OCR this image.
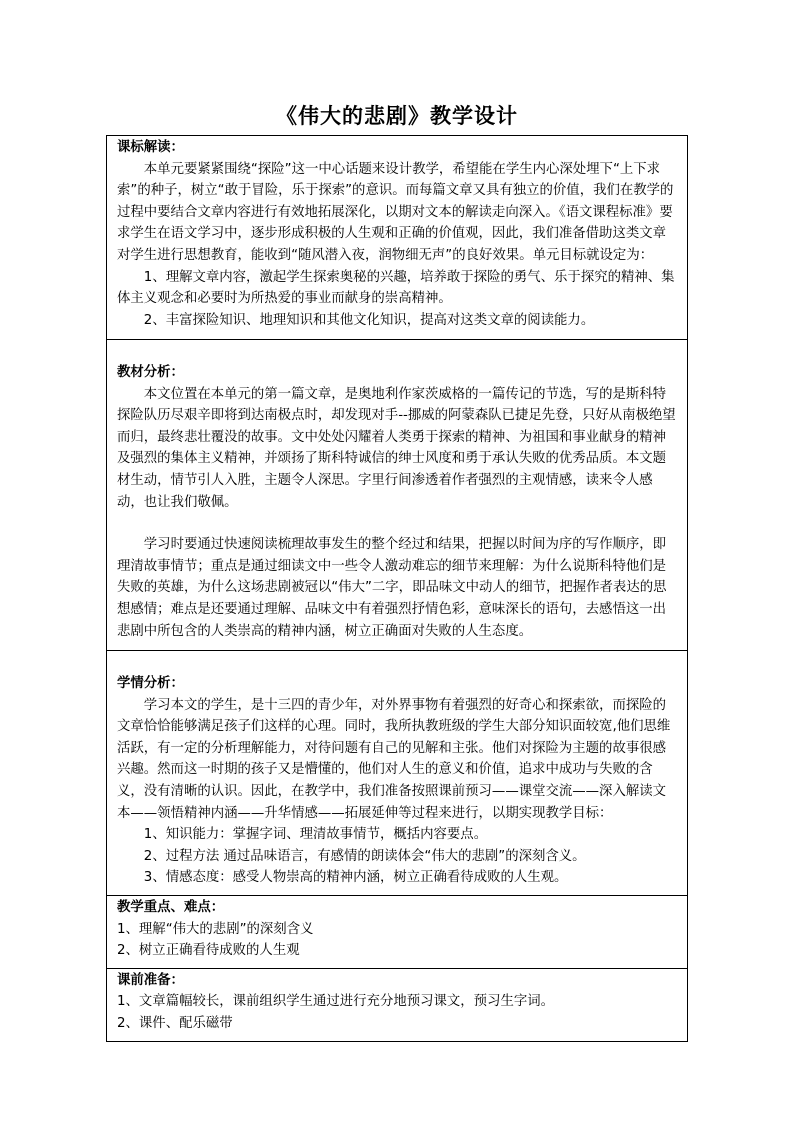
《伟大的悲剧》教学设计

课标解读：

本单元要紧紧围绕“探险”这一中心话题来设计教学，希望能在学生内心深处埋下“上下求索”的种子，树立“敢于冒险，乐于探索”的意识。而每篇文章又具有独立的价值，我们在教学的过程中要结合文章内容进行有效地拓展深化，以期对文本的解读走向深入。《语文课程标准》要求学生在语文学习中，逐步形成积极的人生观和正确的价值观，因此，我们准备借助这类文章对学生进行思想教育，能收到“随风潜入夜，润物细无声”的良好效果。单元目标就设定为：

1、理解文章内容，激起学生探索奥秘的兴趣，培养敢于探险的勇气、乐于探究的精神、集体主义观念和必要时为所热爱的事业而献身的崇高精神。

2、丰富探险知识、地理知识和其他文化知识，提高对这类文章的阅读能力。

教材分析：

本文位置在本单元的第一篇文章，是奥地利作家茨威格的一篇传记的节选，写的是斯科特探险队历尽艰辛即将到达南极点时，却发现对手--挪威的阿蒙森队已捷足先登，只好从南极绝望而归，最终悲壮覆没的故事。文中处处闪耀着人类勇于探索的精神、为祖国和事业献身的精神及强烈的集体主义精神，并颂扬了斯科特诚信的绅士风度和勇于承认失败的优秀品质。本文题材生动，情节引人入胜，主题令人深思。字里行间渗透着作者强烈的主观情感，读来令人感动，也让我们敬佩。

学习时要通过快速阅读梳理故事发生的整个经过和结果，把握以时间为序的写作顺序，即理清故事情节；重点是通过细读文中一些令人激动难忘的细节来理解：为什么说斯科特他们是失败的英雄，为什么这场悲剧被冠以“伟大”二字，即品味文中动人的细节，把握作者表达的思想感情；难点是还要通过理解、品味文中有着强烈抒情色彩，意味深长的语句，去感悟这一出悲剧中所包含的人类崇高的精神内涵，树立正确面对失败的人生态度。

学情分析：

学习本文的学生，是十三四的青少年，对外界事物有着强烈的好奇心和探索欲，而探险的文章恰恰能够满足孩子们这样的心理。同时，我所执教班级的学生大部分知识面较宽,他们思维活跃，有一定的分析理解能力，对待问题有自己的见解和主张。他们对探险为主题的故事很感兴趣。然而这一时期的孩子又是懵懂的，他们对人生的意义和价值，追求中成功与失败的含义，没有清晰的认识。因此，在教学中，我们准备按照课前预习——课堂交流——深入解读文本——领悟精神内涵——升华情感——拓展延伸等过程来进行，以期实现教学目标：

1、知识能力：掌握字词、理清故事情节，概括内容要点。

2、过程方法 通过品味语言，有感情的朗读体会“伟大的悲剧”的深刻含义。

3、情感态度：感受人物崇高的精神内涵，树立正确看待成败的人生观。

教学重点、难点：

1、理解“伟大的悲剧”的深刻含义

2、树立正确看待成败的人生观

课前准备：

1、文章篇幅较长，课前组织学生通过进行充分地预习课文，预习生字词。

2、课件、配乐磁带
